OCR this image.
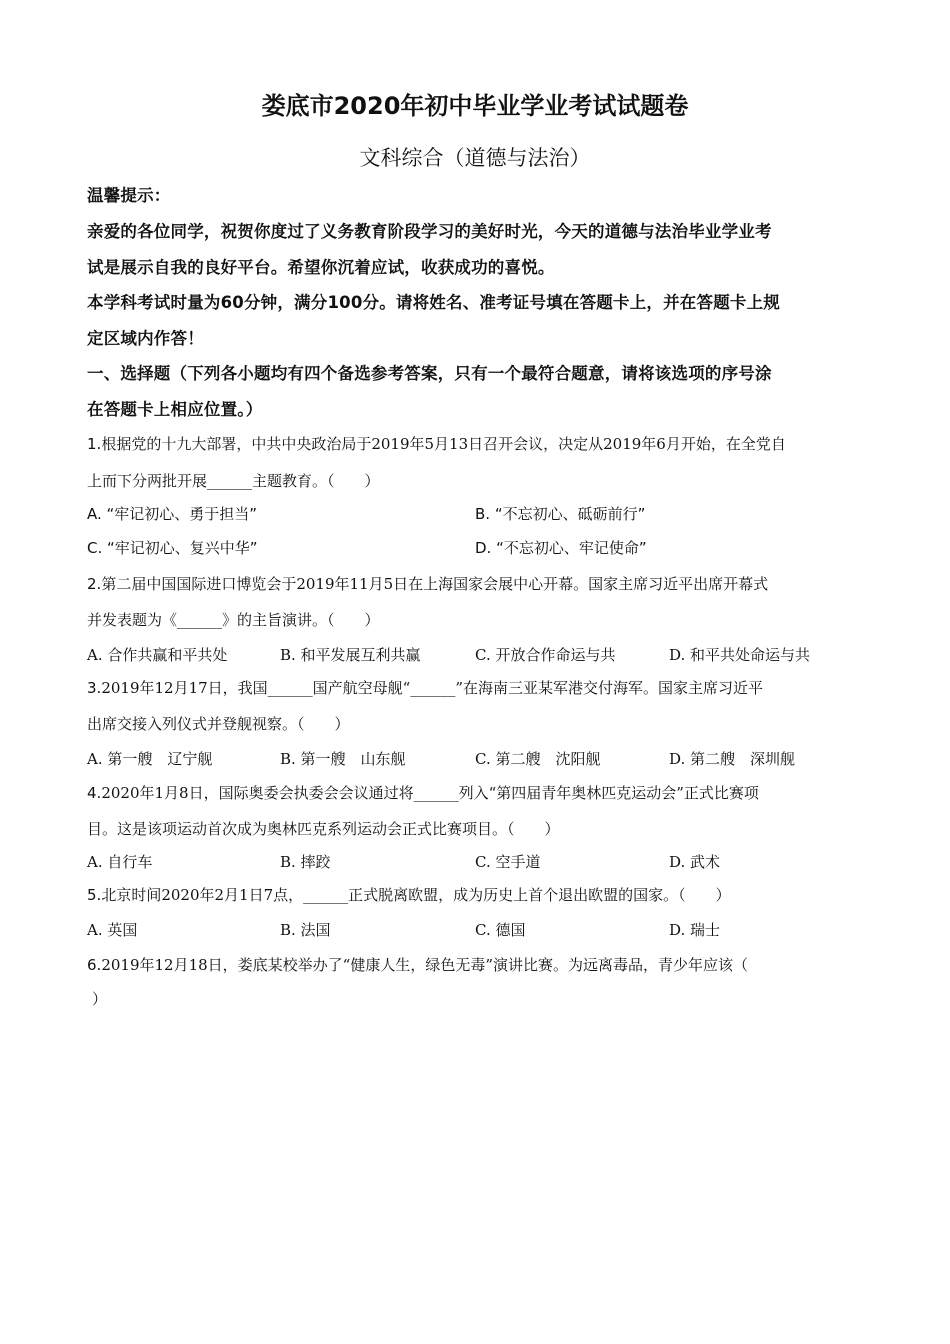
娄底市2020年初中毕业学业考试试题卷
文科综合（道德与法治）
温馨提示：
亲爱的各位同学，祝贺你度过了义务教育阶段学习的美好时光，今天的道德与法治毕业学业考
试是展示自我的良好平台。希望你沉着应试，收获成功的喜悦。
本学科考试时量为60分钟，满分100分。请将姓名、准考证号填在答题卡上，并在答题卡上规
定区域内作答！
一、选择题（下列各小题均有四个备选参考答案，只有一个最符合题意，请将该选项的序号涂
在答题卡上相应位置。）
1.根据党的十九大部署，中共中央政治局于2019年5月13日召开会议，决定从2019年6月开始，在全党自
上而下分两批开展______主题教育。（　　）
A. “牢记初心、勇于担当”	B. “不忘初心、砥砺前行”
C. “牢记初心、复兴中华”	D. “不忘初心、牢记使命”
2.第二届中国国际进口博览会于2019年11月5日在上海国家会展中心开幕。国家主席习近平出席开幕式
并发表题为《______》的主旨演讲。（　　）
A. 合作共赢和平共处	B. 和平发展互利共赢	C. 开放合作命运与共	D. 和平共处命运与共
3.2019年12月17日，我国______国产航空母舰“______”在海南三亚某军港交付海军。国家主席习近平
出席交接入列仪式并登舰视察。（　　）
A. 第一艘　辽宁舰	B. 第一艘　山东舰	C. 第二艘　沈阳舰	D. 第二艘　深圳舰
4.2020年1月8日，国际奥委会执委会会议通过将______列入“第四届青年奥林匹克运动会”正式比赛项
目。这是该项运动首次成为奥林匹克系列运动会正式比赛项目。（　　）
A. 自行车	B. 摔跤	C. 空手道	D. 武术
5.北京时间2020年2月1日7点，______正式脱离欧盟，成为历史上首个退出欧盟的国家。（　　）
A. 英国	B. 法国	C. 德国	D. 瑞士
6.2019年12月18日，娄底某校举办了“健康人生，绿色无毒”演讲比赛。为远离毒品，青少年应该（
）
